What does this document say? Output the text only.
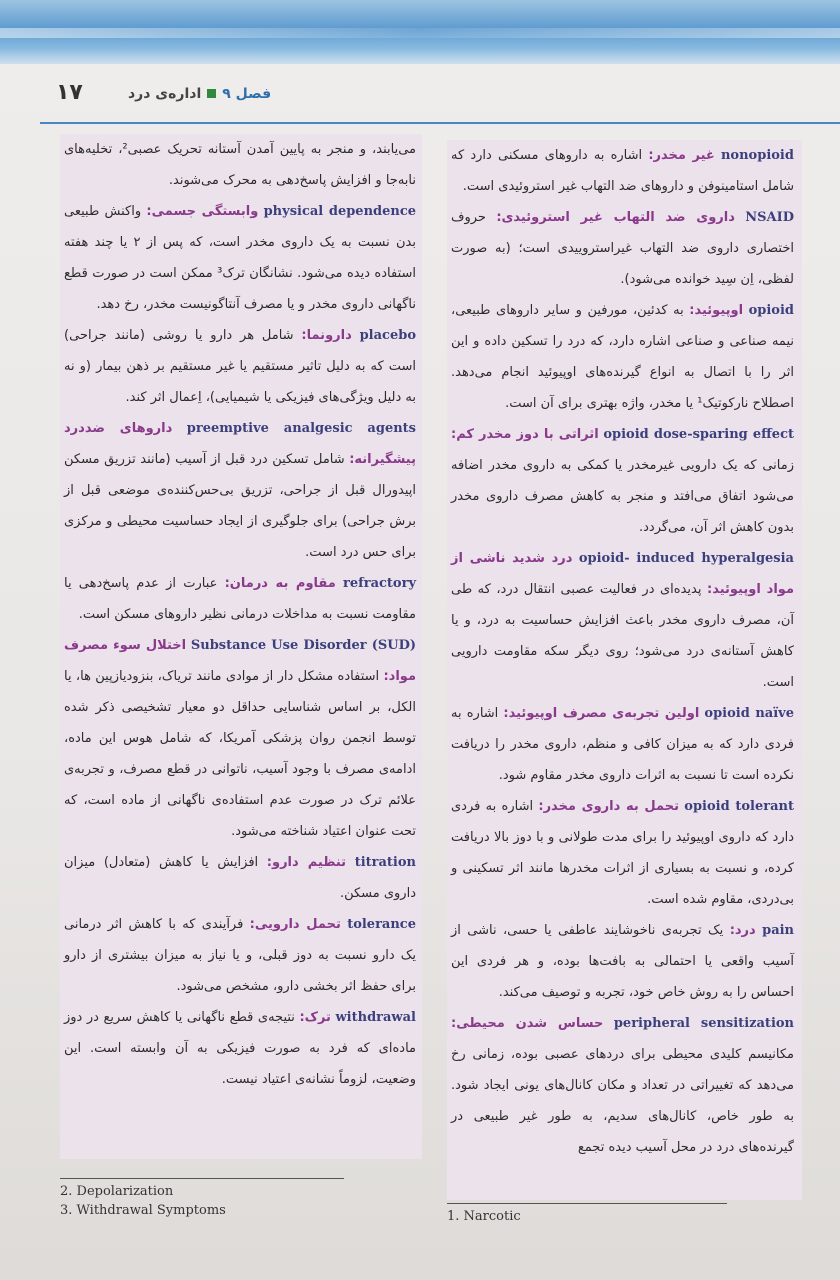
۱۷	فصل ۹اداره‌ی درد

nonopioid غیر مخدر: اشاره به داروهای مسکنی دارد که شامل استامینوفن و داروهای ضد التهاب غیر استروئیدی است.

NSAID داروی ضد التهاب غیر استروئیدی: حروف اختصاری داروی ضد التهاب غیراستروییدی است؛ (به صورت لفظی، اِن سِید خوانده می‌شود).

opioid اوپیوئید: به کدئین، مورفین و سایر داروهای طبیعی، نیمه صناعی و صناعی اشاره دارد، که درد را تسکین داده و این اثر را با اتصال به انواع گیرنده‌های اوپیوئید انجام می‌دهد. اصطلاح نارکوتیک¹ یا مخدر، واژه بهتری برای آن است.

opioid dose-sparing effect اثراتی با دوز مخدر کم: زمانی که یک دارویی غیرمخدر یا کمکی به داروی مخدر اضافه می‌شود اتفاق می‌افتد و منجر به کاهش مصرف داروی مخدر بدون کاهش اثر آن، می‌گردد.

opioid- induced hyperalgesia درد شدید ناشی از مواد اوپیوئید: پدیده‌ای در فعالیت عصبی انتقال درد، که طی آن، مصرف داروی مخدر باعث افزایش حساسیت به درد، و یا کاهش آستانه‌ی درد می‌شود؛ روی دیگر سکه مقاومت دارویی است.

opioid naïve اولین تجربه‌ی مصرف اوپیوئید: اشاره به فردی دارد که به میزان کافی و منظم، داروی مخدر را دریافت نکرده است تا نسبت به اثرات داروی مخدر مقاوم شود.

opioid tolerant تحمل به داروی مخدر: اشاره به فردی دارد که داروی اوپیوئید را برای مدت طولانی و با دوز بالا دریافت کرده، و نسبت به بسیاری از اثرات مخدرها مانند اثر تسکینی و بی‌دردی، مقاوم شده است.

pain درد: یک تجربه‌ی ناخوشایند عاطفی یا حسی، ناشی از آسیب واقعی یا احتمالی به بافت‌ها بوده، و هر فردی این احساس را به روش خاص خود، تجربه و توصیف می‌کند.

peripheral sensitization حساس شدن محیطی: مکانیسم کلیدی محیطی برای دردهای عصبی بوده، زمانی رخ می‌دهد که تغییراتی در تعداد و مکان کانال‌های یونی ایجاد شود. به طور خاص، کانال‌های سدیم، به طور غیر طبیعی در گیرنده‌های درد در محل آسیب دیده تجمع

می‌یابند، و منجر به پایین آمدن آستانه تحریک عصبی²، تخلیه‌های نابه‌جا و افزایش پاسخ‌دهی به محرک می‌شوند.

physical dependence وابستگی جسمی: واکنش طبیعی بدن نسبت به یک داروی مخدر است، که پس از ۲ یا چند هفته استفاده دیده می‌شود. نشانگان ترک³ ممکن است در صورت قطع ناگهانی داروی مخدر و یا مصرف آنتاگونیست مخدر، رخ دهد.

placebo دارونما: شامل هر دارو یا روشی (مانند جراحی) است که به دلیل تاثیر مستقیم یا غیر مستقیم بر ذهن بیمار (و نه به دلیل ویژگی‌های فیزیکی یا شیمیایی)، اِعمال اثر کند.

preemptive analgesic agents داروهای ضددرد پیشگیرانه: شامل تسکین درد قبل از آسیب (مانند تزریق مسکن اپیدورال قبل از جراحی، تزریق بی‌حس‌کننده‌ی موضعی قبل از برش جراحی) برای جلوگیری از ایجاد حساسیت محیطی و مرکزی برای حس درد است.

refractory مقاوم به درمان: عبارت از عدم پاسخ‌دهی یا مقاومت نسبت به مداخلات درمانی نظیر داروهای مسکن است.

Substance Use Disorder (SUD) اختلال سوء مصرف مواد: استفاده مشکل دار از موادی مانند تریاک، بنزودیازپین ها، یا الکل، بر اساس شناسایی حداقل دو معیار تشخیصی ذکر شده توسط انجمن روان پزشکی آمریکا، که شامل هوس این ماده، ادامه‌ی مصرف با وجود آسیب، ناتوانی در قطع مصرف، و تجربه‌ی علائم ترک در صورت عدم استفاده‌ی ناگهانی از ماده است، که تحت عنوان اعتیاد شناخته می‌شود.

titration تنظیم دارو: افزایش یا کاهش (متعادل) میزان داروی مسکن.

tolerance تحمل دارویی: فرآیندی که با کاهش اثر درمانی یک دارو نسبت به دوز قبلی، و یا نیاز به میزان بیشتری از دارو برای حفظ اثر بخشی دارو، مشخص می‌شود.

withdrawal ترک: نتیجه‌ی قطع ناگهانی یا کاهش سریع در دوز ماده‌ای که فرد به صورت فیزیکی به آن وابسته است. این وضعیت، لزوماً نشانه‌ی اعتیاد نیست.

2. Depolarization
3. Withdrawal Symptoms	1. Narcotic
